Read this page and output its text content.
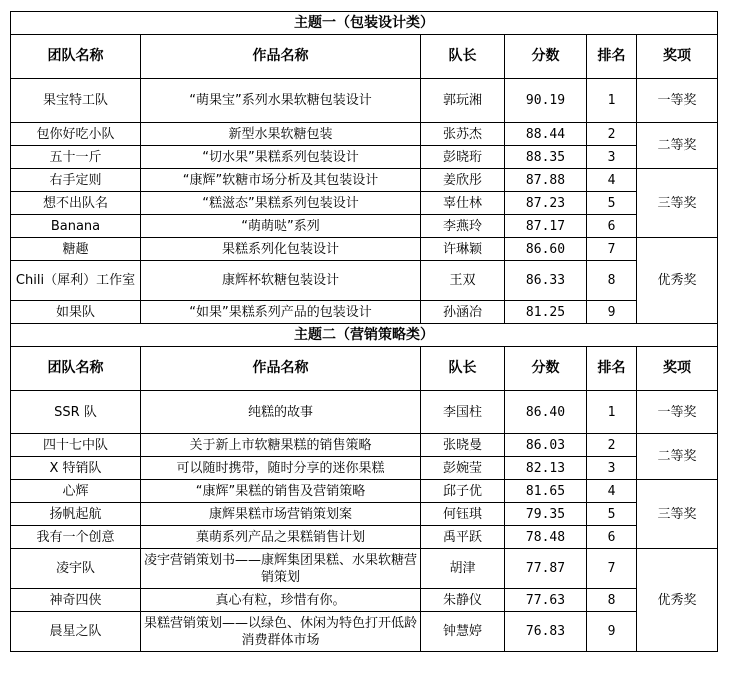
主题一（包装设计类）					
团队名称	作品名称	队长	分数	排名	奖项
果宝特工队	“萌果宝”系列水果软糖包装设计	郭玩湘	90.19	1	一等奖
包你好吃小队	新型水果软糖包装	张苏杰	88.44	2	二等奖
五十一斤	“切水果”果糕系列包装设计	彭晓珩	88.35	3	
右手定则	“康辉”软糖市场分析及其包装设计	姜欣彤	87.88	4	三等奖
想不出队名	“糕滋态”果糕系列包装设计	辜仕林	87.23	5	
Banana	“萌萌哒”系列	李燕玲	87.17	6	
糖趣	果糕系列化包装设计	许琳颖	86.60	7	优秀奖
Chili（犀利）工作室	康辉杯软糖包装设计	王双	86.33	8	
如果队	“如果”果糕系列产品的包装设计	孙涵冶	81.25	9	
主题二（营销策略类）					
团队名称	作品名称	队长	分数	排名	奖项
SSR 队	纯糕的故事	李国柱	86.40	1	一等奖
四十七中队	关于新上市软糖果糕的销售策略	张晓曼	86.03	2	二等奖
X 特销队	可以随时携带，随时分享的迷你果糕	彭婉莹	82.13	3	
心辉	“康辉”果糕的销售及营销策略	邱子优	81.65	4	三等奖
扬帆起航	康辉果糕市场营销策划案	何钰琪	79.35	5	
我有一个创意	菓萌系列产品之果糕销售计划	禹平跃	78.48	6	
凌宇队	凌宇营销策划书——康辉集团果糕、水果软糖营销策划	胡津	77.87	7	优秀奖
神奇四侠	真心有粒，珍惜有你。	朱静仪	77.63	8	
晨星之队	果糕营销策划——以绿色、休闲为特色打开低龄消费群体市场	钟慧婷	76.83	9	
